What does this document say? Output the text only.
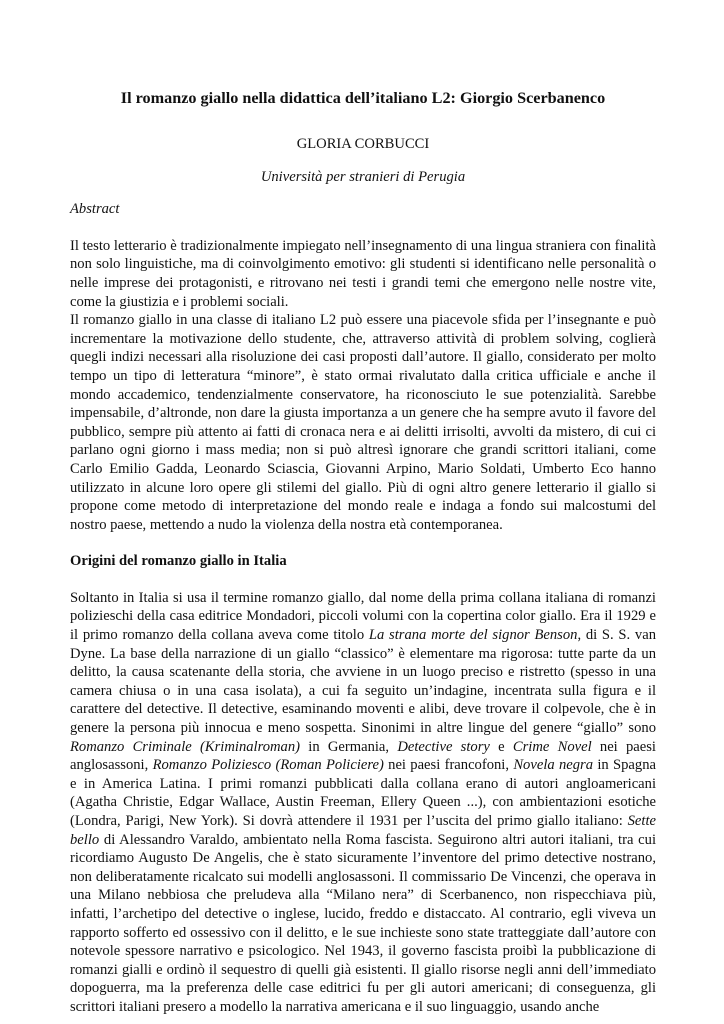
Il romanzo giallo nella didattica dell’italiano L2: Giorgio Scerbanenco
GLORIA CORBUCCI
Università per stranieri di Perugia
Abstract

Il testo letterario è tradizionalmente impiegato nell’insegnamento di una lingua straniera con finalità non solo linguistiche, ma di coinvolgimento emotivo: gli studenti si identificano nelle personalità o nelle imprese dei protagonisti, e ritrovano nei testi i grandi temi che emergono nelle nostre vite, come la giustizia e i problemi sociali.

Il romanzo giallo in una classe di italiano L2 può essere una piacevole sfida per l’insegnante e può incrementare la motivazione dello studente, che, attraverso attività di problem solving, coglierà quegli indizi necessari alla risoluzione dei casi proposti dall’autore. Il giallo, considerato per molto tempo un tipo di letteratura “minore”, è stato ormai rivalutato dalla critica ufficiale e anche il mondo accademico, tendenzialmente conservatore, ha riconosciuto le sue potenzialità. Sarebbe impensabile, d’altronde, non dare la giusta importanza a un genere che ha sempre avuto il favore del pubblico, sempre più attento ai fatti di cronaca nera e ai delitti irrisolti, avvolti da mistero, di cui ci parlano ogni giorno i mass media; non si può altresì ignorare che grandi scrittori italiani, come Carlo Emilio Gadda, Leonardo Sciascia, Giovanni Arpino, Mario Soldati, Umberto Eco hanno utilizzato in alcune loro opere gli stilemi del giallo. Più di ogni altro genere letterario il giallo si propone come metodo di interpretazione del mondo reale e indaga a fondo sui malcostumi del nostro paese, mettendo a nudo la violenza della nostra età contemporanea.

Origini del romanzo giallo in Italia

Soltanto in Italia si usa il termine romanzo giallo, dal nome della prima collana italiana di romanzi polizieschi della casa editrice Mondadori, piccoli volumi con la copertina color giallo. Era il 1929 e il primo romanzo della collana aveva come titolo La strana morte del signor Benson, di S. S. van Dyne. La base della narrazione di un giallo “classico” è elementare ma rigorosa: tutte parte da un delitto, la causa scatenante della storia, che avviene in un luogo preciso e ristretto (spesso in una camera chiusa o in una casa isolata), a cui fa seguito un’indagine, incentrata sulla figura e il carattere del detective. Il detective, esaminando moventi e alibi, deve trovare il colpevole, che è in genere la persona più innocua e meno sospetta. Sinonimi in altre lingue del genere “giallo” sono Romanzo Criminale (Kriminalroman) in Germania, Detective story e Crime Novel nei paesi anglosassoni, Romanzo Poliziesco (Roman Policiere) nei paesi francofoni, Novela negra in Spagna e in America Latina. I primi romanzi pubblicati dalla collana erano di autori angloamericani (Agatha Christie, Edgar Wallace, Austin Freeman, Ellery Queen ...), con ambientazioni esotiche (Londra, Parigi, New York). Si dovrà attendere il 1931 per l’uscita del primo giallo italiano: Sette bello di Alessandro Varaldo, ambientato nella Roma fascista. Seguirono altri autori italiani, tra cui ricordiamo Augusto De Angelis, che è stato sicuramente l’inventore del primo detective nostrano, non deliberatamente ricalcato sui modelli anglosassoni. Il commissario De Vincenzi, che operava in una Milano nebbiosa che preludeva alla “Milano nera” di Scerbanenco, non rispecchiava più, infatti, l’archetipo del detective o inglese, lucido, freddo e distaccato. Al contrario, egli viveva un rapporto sofferto ed ossessivo con il delitto, e le sue inchieste sono state tratteggiate dall’autore con notevole spessore narrativo e psicologico. Nel 1943, il governo fascista proibì la pubblicazione di romanzi gialli e ordinò il sequestro di quelli già esistenti. Il giallo risorse negli anni dell’immediato dopoguerra, ma la preferenza delle case editrici fu per gli autori americani; di conseguenza, gli scrittori italiani presero a modello la narrativa americana e il suo linguaggio, usando anche
